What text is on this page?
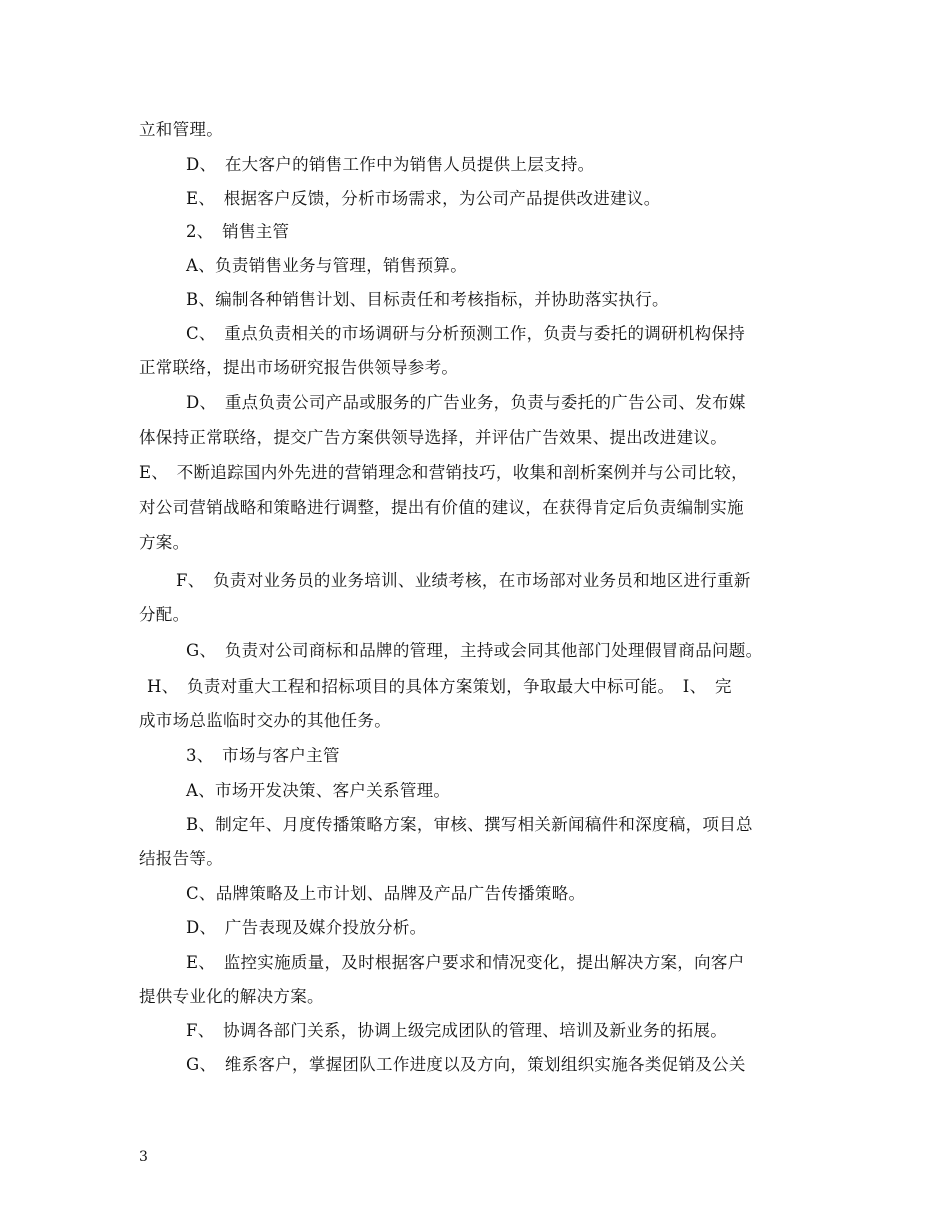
立和管理。
D、　在大客户的销售工作中为销售人员提供上层支持。
E、　根据客户反馈，分析市场需求，为公司产品提供改进建议。
2、　销售主管
A、负责销售业务与管理，销售预算。
B、编制各种销售计划、目标责任和考核指标，并协助落实执行。
C、　重点负责相关的市场调研与分析预测工作，负责与委托的调研机构保持
正常联络，提出市场研究报告供领导参考。
D、　重点负责公司产品或服务的广告业务，负责与委托的广告公司、发布媒
体保持正常联络，提交广告方案供领导选择，并评估广告效果、提出改进建议。
E、　不断追踪国内外先进的营销理念和营销技巧，收集和剖析案例并与公司比较，
对公司营销战略和策略进行调整，提出有价值的建议，在获得肯定后负责编制实施
方案。
F、　负责对业务员的业务培训、业绩考核，在市场部对业务员和地区进行重新
分配。
G、　负责对公司商标和品牌的管理，主持或会同其他部门处理假冒商品问题。
H、　负责对重大工程和招标项目的具体方案策划，争取最大中标可能。　I、　完
成市场总监临时交办的其他任务。
3、　市场与客户主管
A、市场开发决策、客户关系管理。
B、制定年、月度传播策略方案，审核、撰写相关新闻稿件和深度稿，项目总
结报告等。
C、品牌策略及上市计划、品牌及产品广告传播策略。
D、　广告表现及媒介投放分析。
E、　监控实施质量，及时根据客户要求和情况变化，提出解决方案，向客户
提供专业化的解决方案。
F、　协调各部门关系，协调上级完成团队的管理、培训及新业务的拓展。
G、　维系客户，掌握团队工作进度以及方向，策划组织实施各类促销及公关
3
